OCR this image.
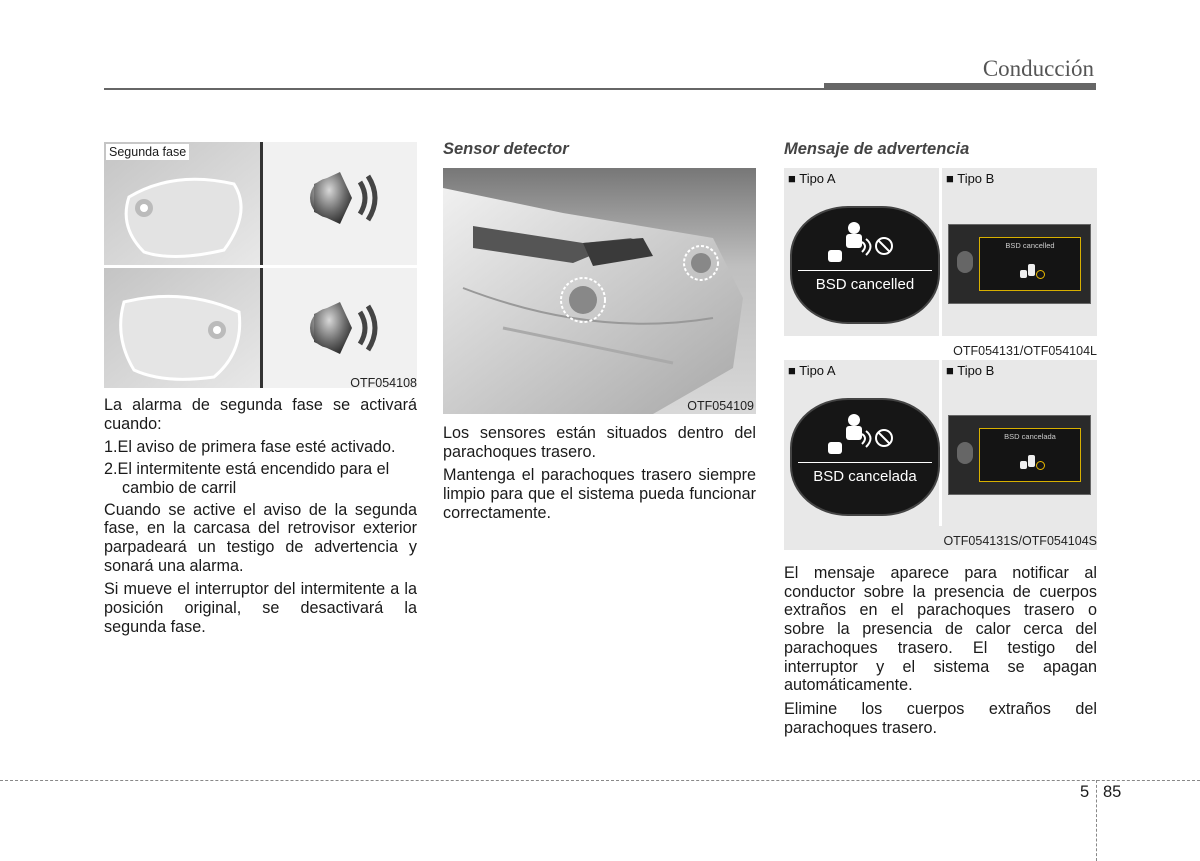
Conducción
Segunda fase
OTF054108

La alarma de segunda fase se activará cuando:

1.El aviso de primera fase esté activado.
2.El intermitente está encendido para el cambio de carril

Cuando se active el aviso de la segunda fase, en la carcasa del retrovisor exterior parpadeará un testigo de advertencia y sonará una alarma.

Si mueve el interruptor del intermitente a la posición original, se desactivará la segunda fase.

Sensor detector
OTF054109

Los sensores están situados dentro del parachoques trasero.

Mantenga el parachoques trasero siempre limpio para que el sistema pueda funcionar correctamente.

Mensaje de advertencia
■ Tipo A	■ Tipo B
BSD cancelled
BSD cancelled
OTF054131/OTF054104L
■ Tipo A	■ Tipo B
BSD cancelada
BSD cancelada
OTF054131S/OTF054104S

El mensaje aparece para notificar al conductor sobre la presencia de cuerpos extraños en el parachoques trasero o sobre la presencia de calor cerca del parachoques trasero. El testigo del interruptor y el sistema se apagan automáticamente.

Elimine los cuerpos extraños del parachoques trasero.

5 85
